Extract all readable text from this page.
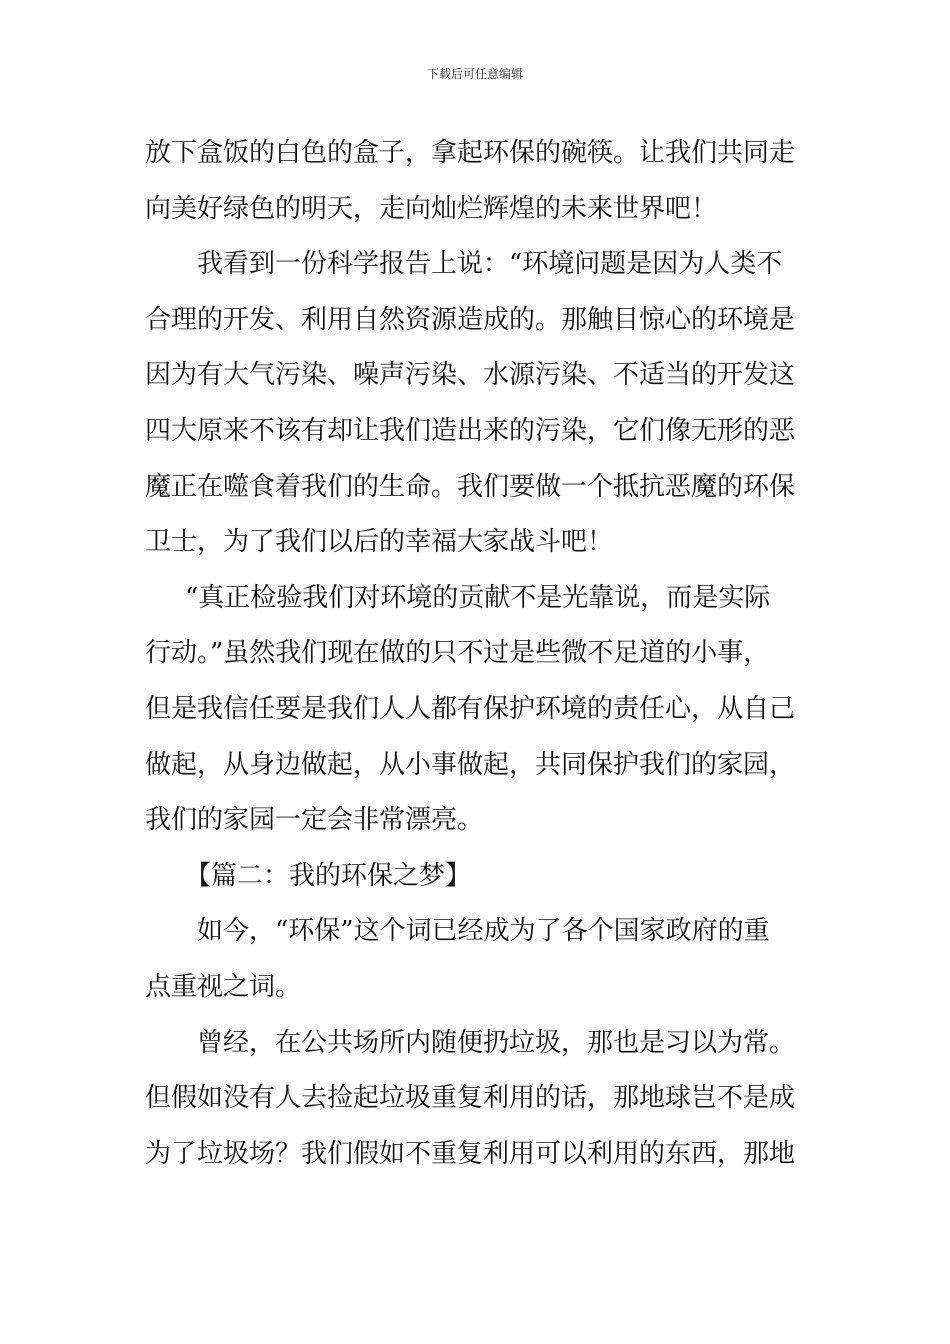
下载后可任意编辑
放下盒饭的白色的盒子，拿起环保的碗筷。让我们共同走
向美好绿色的明天，走向灿烂辉煌的未来世界吧！
我看到一份科学报告上说：“环境问题是因为人类不
合理的开发、利用自然资源造成的。那触目惊心的环境是
因为有大气污染、噪声污染、水源污染、不适当的开发这
四大原来不该有却让我们造出来的污染，它们像无形的恶
魔正在噬食着我们的生命。我们要做一个抵抗恶魔的环保
卫士，为了我们以后的幸福大家战斗吧！
“真正检验我们对环境的贡献不是光靠说，而是实际
行动。”虽然我们现在做的只不过是些微不足道的小事，
但是我信任要是我们人人都有保护环境的责任心，从自己
做起，从身边做起，从小事做起，共同保护我们的家园，
我们的家园一定会非常漂亮。
【篇二：我的环保之梦】
如今，“环保”这个词已经成为了各个国家政府的重
点重视之词。
曾经，在公共场所内随便扔垃圾，那也是习以为常。
但假如没有人去捡起垃圾重复利用的话，那地球岂不是成
为了垃圾场？我们假如不重复利用可以利用的东西，那地
